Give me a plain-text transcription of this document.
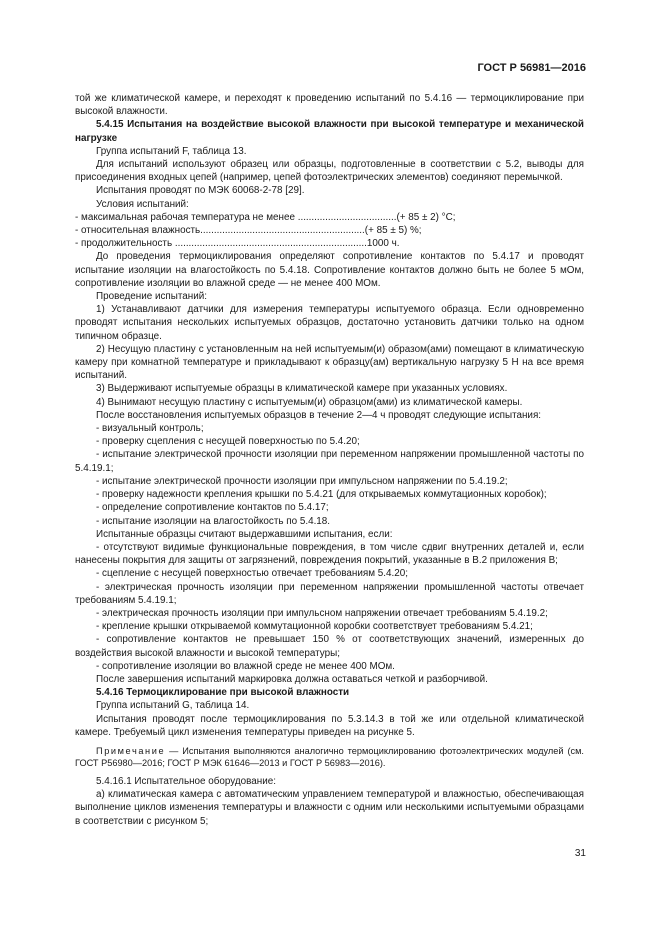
ГОСТ Р 56981—2016

той же климатической камере, и переходят к проведению испытаний по 5.4.16 — термоциклирование при высокой влажности.

5.4.15 Испытания на воздействие высокой влажности при высокой температуре и механической нагрузке

Группа испытаний F, таблица 13.

Для испытаний используют образец или образцы, подготовленные в соответствии с 5.2, выводы для присоединения входных цепей (например, цепей фотоэлектрических элементов) соединяют перемычкой.

Испытания проводят по МЭК 60068-2-78 [29].

Условия испытаний:

- максимальная рабочая температура не менее ....................................(+ 85 ± 2) °С;

- относительная влажность............................................................(+ 85 ± 5) %;

- продолжительность ......................................................................1000 ч.

До проведения термоциклирования определяют сопротивление контактов по 5.4.17 и проводят испытание изоляции на влагостойкость по 5.4.18. Сопротивление контактов должно быть не более 5 мОм, сопротивление изоляции во влажной среде — не менее 400 МОм.

Проведение испытаний:

1) Устанавливают датчики для измерения температуры испытуемого образца. Если одновременно проводят испытания нескольких испытуемых образцов, достаточно установить датчики только на одном типичном образце.

2) Несущую пластину с установленным на ней испытуемым(и) образом(ами) помещают в климатическую камеру при комнатной температуре и прикладывают к образцу(ам) вертикальную нагрузку 5 Н на все время испытаний.

3) Выдерживают испытуемые образцы в климатической камере при указанных условиях.

4) Вынимают несущую пластину с испытуемым(и) образцом(ами) из климатической камеры.

После восстановления испытуемых образцов в течение 2—4 ч проводят следующие испытания:

- визуальный контроль;

- проверку сцепления с несущей поверхностью по 5.4.20;

- испытание электрической прочности изоляции при переменном напряжении промышленной частоты по 5.4.19.1;

- испытание электрической прочности изоляции при импульсном напряжении по 5.4.19.2;

- проверку надежности крепления крышки по 5.4.21 (для открываемых коммутационных коробок);

- определение сопротивление контактов по 5.4.17;

- испытание изоляции на влагостойкость по 5.4.18.

Испытанные образцы считают выдержавшими испытания, если:

- отсутствуют видимые функциональные повреждения, в том числе сдвиг внутренних деталей и, если нанесены покрытия для защиты от загрязнений, повреждения покрытий, указанные в В.2 приложения В;

- сцепление с несущей поверхностью отвечает требованиям 5.4.20;

- электрическая прочность изоляции при переменном напряжении промышленной частоты отвечает требованиям 5.4.19.1;

- электрическая прочность изоляции при импульсном напряжении отвечает требованиям 5.4.19.2;

- крепление крышки открываемой коммутационной коробки соответствует требованиям 5.4.21;

- сопротивление контактов не превышает 150 % от соответствующих значений, измеренных до воздействия высокой влажности и высокой температуры;

- сопротивление изоляции во влажной среде не менее 400 МОм.

После завершения испытаний маркировка должна оставаться четкой и разборчивой.

5.4.16 Термоциклирование при высокой влажности

Группа испытаний G, таблица 14.

Испытания проводят после термоциклирования по 5.3.14.3 в той же или отдельной климатической камере. Требуемый цикл изменения температуры приведен на рисунке 5.

Примечание — Испытания выполняются аналогично термоциклированию фотоэлектрических модулей (см. ГОСТ Р56980—2016; ГОСТ Р МЭК 61646—2013 и ГОСТ Р 56983—2016).

5.4.16.1 Испытательное оборудование:

а) климатическая камера с автоматическим управлением температурой и влажностью, обеспечивающая выполнение циклов изменения температуры и влажности с одним или несколькими испытуемыми образцами в соответствии с рисунком 5;

31
